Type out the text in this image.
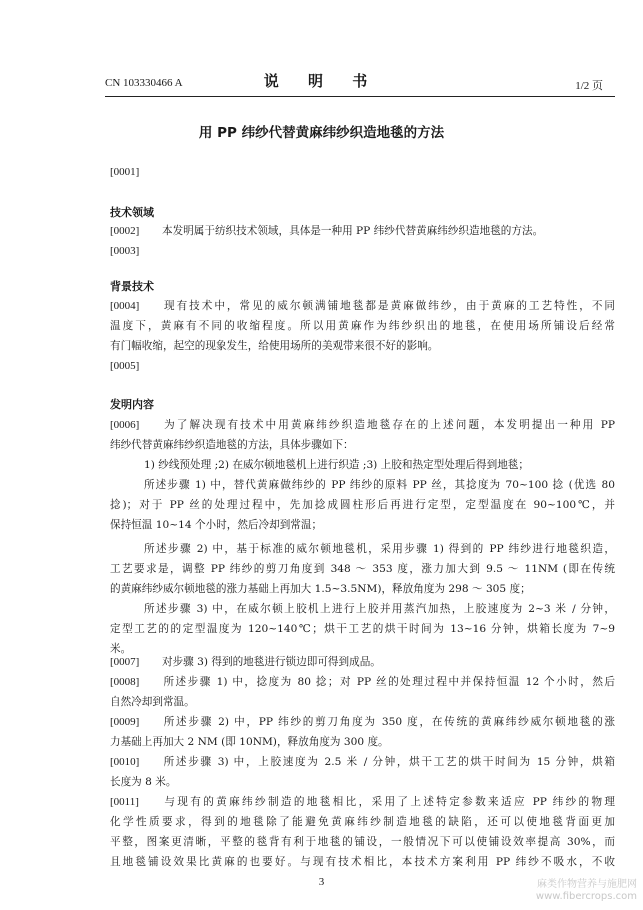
CN 103330466 A	说 明 书	1/2 页
用 PP 纬纱代替黄麻纬纱织造地毯的方法
[0001]
技术领域
[0002] 本发明属于纺织技术领域，具体是一种用 PP 纬纱代替黄麻纬纱织造地毯的方法。
[0003]
背景技术
[0004] 现有技术中，常见的威尔顿满铺地毯都是黄麻做纬纱，由于黄麻的工艺特性，不同
温度下，黄麻有不同的收缩程度。所以用黄麻作为纬纱织出的地毯，在使用场所铺设后经常
有门幅收缩，起空的现象发生，给使用场所的美观带来很不好的影响。
[0005]
发明内容
[0006] 为了解决现有技术中用黄麻纬纱织造地毯存在的上述问题，本发明提出一种用 PP
纬纱代替黄麻纬纱织造地毯的方法，具体步骤如下：
1) 纱线预处理 ;2) 在威尔顿地毯机上进行织造 ;3) 上胶和热定型处理后得到地毯；
所述步骤 1) 中，替代黄麻做纬纱的 PP 纬纱的原料 PP 丝，其捻度为 70~100 捻 (优选 80
捻)；对于 PP 丝的处理过程中，先加捻成圆柱形后再进行定型，定型温度在 90~100℃，并
保持恒温 10~14 个小时，然后冷却到常温；
所述步骤 2) 中，基于标准的威尔顿地毯机，采用步骤 1) 得到的 PP 纬纱进行地毯织造，
工艺要求是，调整 PP 纬纱的剪刀角度到 348 ～ 353 度，涨力加大到 9.5 ～ 11NM (即在传统
的黄麻纬纱威尔顿地毯的涨力基础上再加大 1.5~3.5NM)，释放角度为 298 ～ 305 度；
所述步骤 3) 中，在威尔顿上胶机上进行上胶并用蒸汽加热，上胶速度为 2~3 米 / 分钟，
定型工艺的的定型温度为 120~140℃；烘干工艺的烘干时间为 13~16 分钟，烘箱长度为 7~9
米。
[0007] 对步骤 3) 得到的地毯进行锁边即可得到成品。
[0008] 所述步骤 1) 中，捻度为 80 捻；对 PP 丝的处理过程中并保持恒温 12 个小时，然后
自然冷却到常温。
[0009] 所述步骤 2) 中，PP 纬纱的剪刀角度为 350 度，在传统的黄麻纬纱威尔顿地毯的涨
力基础上再加大 2 NM (即 10NM)，释放角度为 300 度。
[0010] 所述步骤 3) 中，上胶速度为 2.5 米 / 分钟，烘干工艺的烘干时间为 15 分钟，烘箱
长度为 8 米。
[0011] 与现有的黄麻纬纱制造的地毯相比，采用了上述特定参数来适应 PP 纬纱的物理
化学性质要求，得到的地毯除了能避免黄麻纬纱制造地毯的缺陷，还可以使地毯背面更加
平整，图案更清晰，平整的毯背有利于地毯的铺设，一般情况下可以使铺设效率提高 30%，而
且地毯铺设效果比黄麻的也要好。与现有技术相比，本技术方案利用 PP 纬纱不吸水，不收
3	麻类作物营养与施肥网
www.fibercrops.com
